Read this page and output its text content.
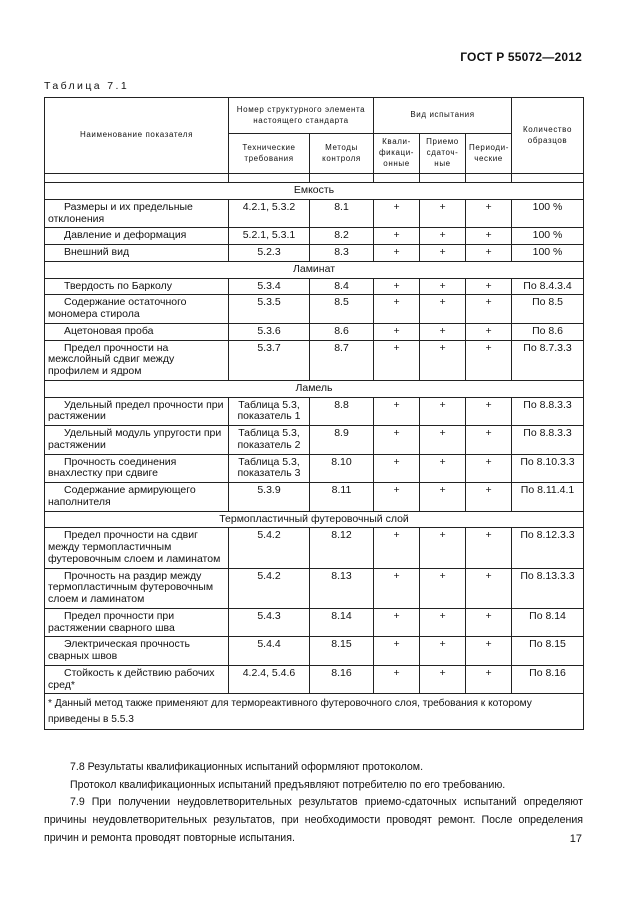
ГОСТ Р 55072—2012
Таблица 7.1
Наименование показателя	Номер структурного элемента настоящего стандарта		Вид испытания			Количество образцов
	Технические требования	Методы контроля	Квали-фикаци-онные	Приемо сдаточ-ные	Периоди-ческие	

Емкость						
Размеры и их предельные отклонения	4.2.1, 5.3.2	8.1	+	+	+	100 %
Давление и деформация	5.2.1, 5.3.1	8.2	+	+	+	100 %
Внешний вид	5.2.3	8.3	+	+	+	100 %
Ламинат						
Твердость по Барколу	5.3.4	8.4	+	+	+	По 8.4.3.4
Содержание остаточного мономера стирола	5.3.5	8.5	+	+	+	По 8.5
Ацетоновая проба	5.3.6	8.6	+	+	+	По 8.6
Предел прочности на межслойный сдвиг между профилем и ядром	5.3.7	8.7	+	+	+	По 8.7.3.3
Ламель						
Удельный предел прочности при растяжении	Таблица 5.3, показатель 1	8.8	+	+	+	По 8.8.3.3
Удельный модуль упругости при растяжении	Таблица 5.3, показатель 2	8.9	+	+	+	По 8.8.3.3
Прочность соединения внахлестку при сдвиге	Таблица 5.3, показатель 3	8.10	+	+	+	По 8.10.3.3
Содержание армирующего наполнителя	5.3.9	8.11	+	+	+	По 8.11.4.1
Термопластичный футеровочный слой						
Предел прочности на сдвиг между термопластичным футеровочным слоем и ламинатом	5.4.2	8.12	+	+	+	По 8.12.3.3
Прочность на раздир между термопластичным футеровочным слоем и ламинатом	5.4.2	8.13	+	+	+	По 8.13.3.3
Предел прочности при растяжении сварного шва	5.4.3	8.14	+	+	+	По 8.14
Электрическая прочность сварных швов	5.4.4	8.15	+	+	+	По 8.15
Стойкость к действию рабочих сред*	4.2.4, 5.4.6	8.16	+	+	+	По 8.16
* Данный метод также применяют для термореактивного футеровочного слоя, требования к которому приведены в 5.5.3						

7.8 Результаты квалификационных испытаний оформляют протоколом.

Протокол квалификационных испытаний предъявляют потребителю по его требованию.

7.9 При получении неудовлетворительных результатов приемо-сдаточных испытаний определяют причины неудовлетворительных результатов, при необходимости проводят ремонт. После определения причин и ремонта проводят повторные испытания.	17
